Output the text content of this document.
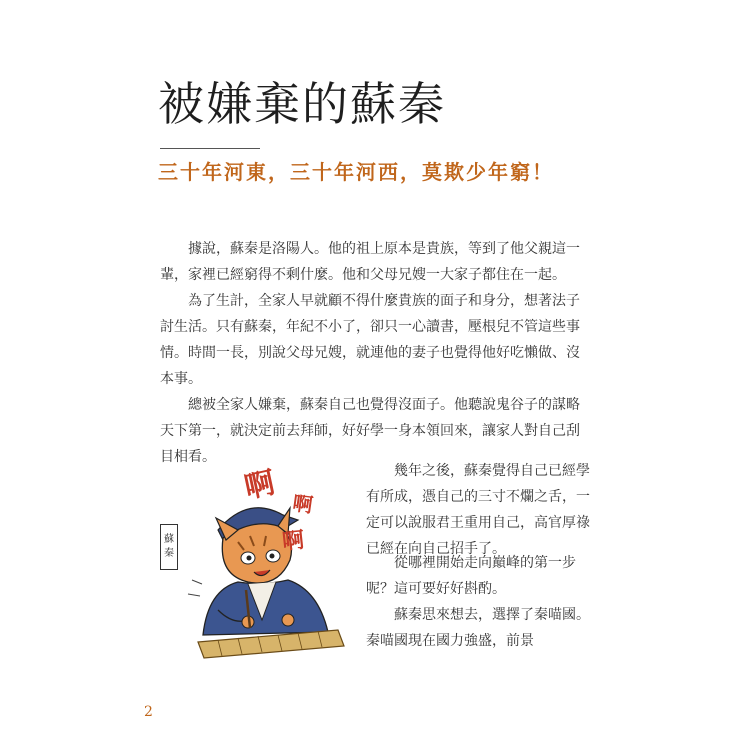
被嫌棄的蘇秦
三十年河東，三十年河西，莫欺少年窮！

據說，蘇秦是洛陽人。他的祖上原本是貴族，等到了他父親這一輩，家裡已經窮得不剩什麼。他和父母兄嫂一大家子都住在一起。

為了生計，全家人早就顧不得什麼貴族的面子和身分，想著法子討生活。只有蘇秦，年紀不小了，卻只一心讀書，壓根兒不管這些事情。時間一長，別說父母兄嫂，就連他的妻子也覺得他好吃懶做、沒本事。

總被全家人嫌棄，蘇秦自己也覺得沒面子。他聽說鬼谷子的謀略天下第一，就決定前去拜師，好好學一身本領回來，讓家人對自己刮目相看。

幾年之後，蘇秦覺得自己已經學有所成，憑自己的三寸不爛之舌，一定可以說服君王重用自己，高官厚祿已經在向自己招手了。

從哪裡開始走向巔峰的第一步呢？這可要好好斟酌。

蘇秦思來想去，選擇了秦喵國。秦喵國現在國力強盛，前景

蘇
秦
啊 啊
啊
2
